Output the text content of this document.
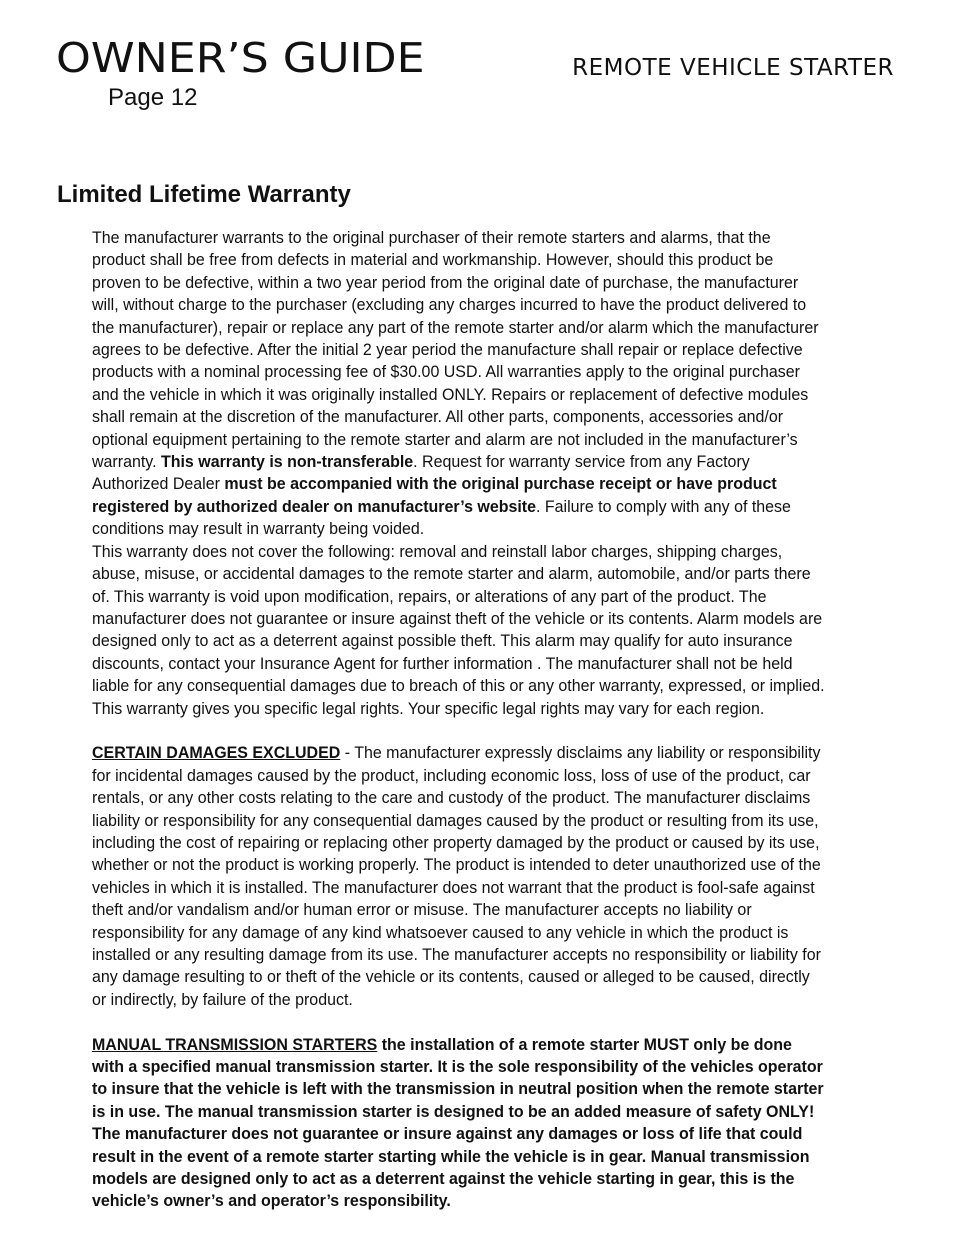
OWNER’S GUIDE
Page 12
REMOTE VEHICLE STARTER
Limited Lifetime Warranty

The manufacturer warrants to the original purchaser of their remote starters and alarms, that the product shall be free from defects in material and workmanship. However, should this product be proven to be defective, within a two year period from the original date of purchase, the manufacturer will, without charge to the purchaser (excluding any charges incurred to have the product delivered to the manufacturer), repair or replace any part of the remote starter and/or alarm which the manufacturer agrees to be defective. After the initial 2 year period the manufacture shall repair or replace defective products with a nominal processing fee of $30.00 USD. All warranties apply to the original purchaser and the vehicle in which it was originally installed ONLY. Repairs or replacement of defective modules shall remain at the discretion of the manufacturer. All other parts, components, accessories and/or optional equipment pertaining to the remote starter and alarm are not included in the manufacturer’s warranty. This warranty is non-transferable. Request for warranty service from any Factory Authorized Dealer must be accompanied with the original purchase receipt or have product registered by authorized dealer on manufacturer’s website. Failure to comply with any of these conditions may result in warranty being voided.

This warranty does not cover the following: removal and reinstall labor charges, shipping charges, abuse, misuse, or accidental damages to the remote starter and alarm, automobile, and/or parts there of. This warranty is void upon modification, repairs, or alterations of any part of the product. The manufacturer does not guarantee or insure against theft of the vehicle or its contents. Alarm models are designed only to act as a deterrent against possible theft. This alarm may qualify for auto insurance discounts, contact your Insurance Agent for further information . The manufacturer shall not be held liable for any consequential damages due to breach of this or any other warranty, expressed, or implied. This warranty gives you specific legal rights. Your specific legal rights may vary for each region.

CERTAIN DAMAGES EXCLUDED - The manufacturer expressly disclaims any liability or responsibility for incidental damages caused by the product, including economic loss, loss of use of the product, car rentals, or any other costs relating to the care and custody of the product. The manufacturer disclaims liability or responsibility for any consequential damages caused by the product or resulting from its use, including the cost of repairing or replacing other property damaged by the product or caused by its use, whether or not the product is working properly. The product is intended to deter unauthorized use of the vehicles in which it is installed. The manufacturer does not warrant that the product is fool-safe against theft and/or vandalism and/or human error or misuse. The manufacturer accepts no liability or responsibility for any damage of any kind whatsoever caused to any vehicle in which the product is installed or any resulting damage from its use. The manufacturer accepts no responsibility or liability for any damage resulting to or theft of the vehicle or its contents, caused or alleged to be caused, directly or indirectly, by failure of the product.

MANUAL TRANSMISSION STARTERS the installation of a remote starter MUST only be done with a specified manual transmission starter. It is the sole responsibility of the vehicles operator to insure that the vehicle is left with the transmission in neutral position when the remote starter is in use. The manual transmission starter is designed to be an added measure of safety ONLY! The manufacturer does not guarantee or insure against any damages or loss of life that could result in the event of a remote starter starting while the vehicle is in gear. Manual transmission models are designed only to act as a deterrent against the vehicle starting in gear, this is the vehicle’s owner’s and operator’s responsibility.
